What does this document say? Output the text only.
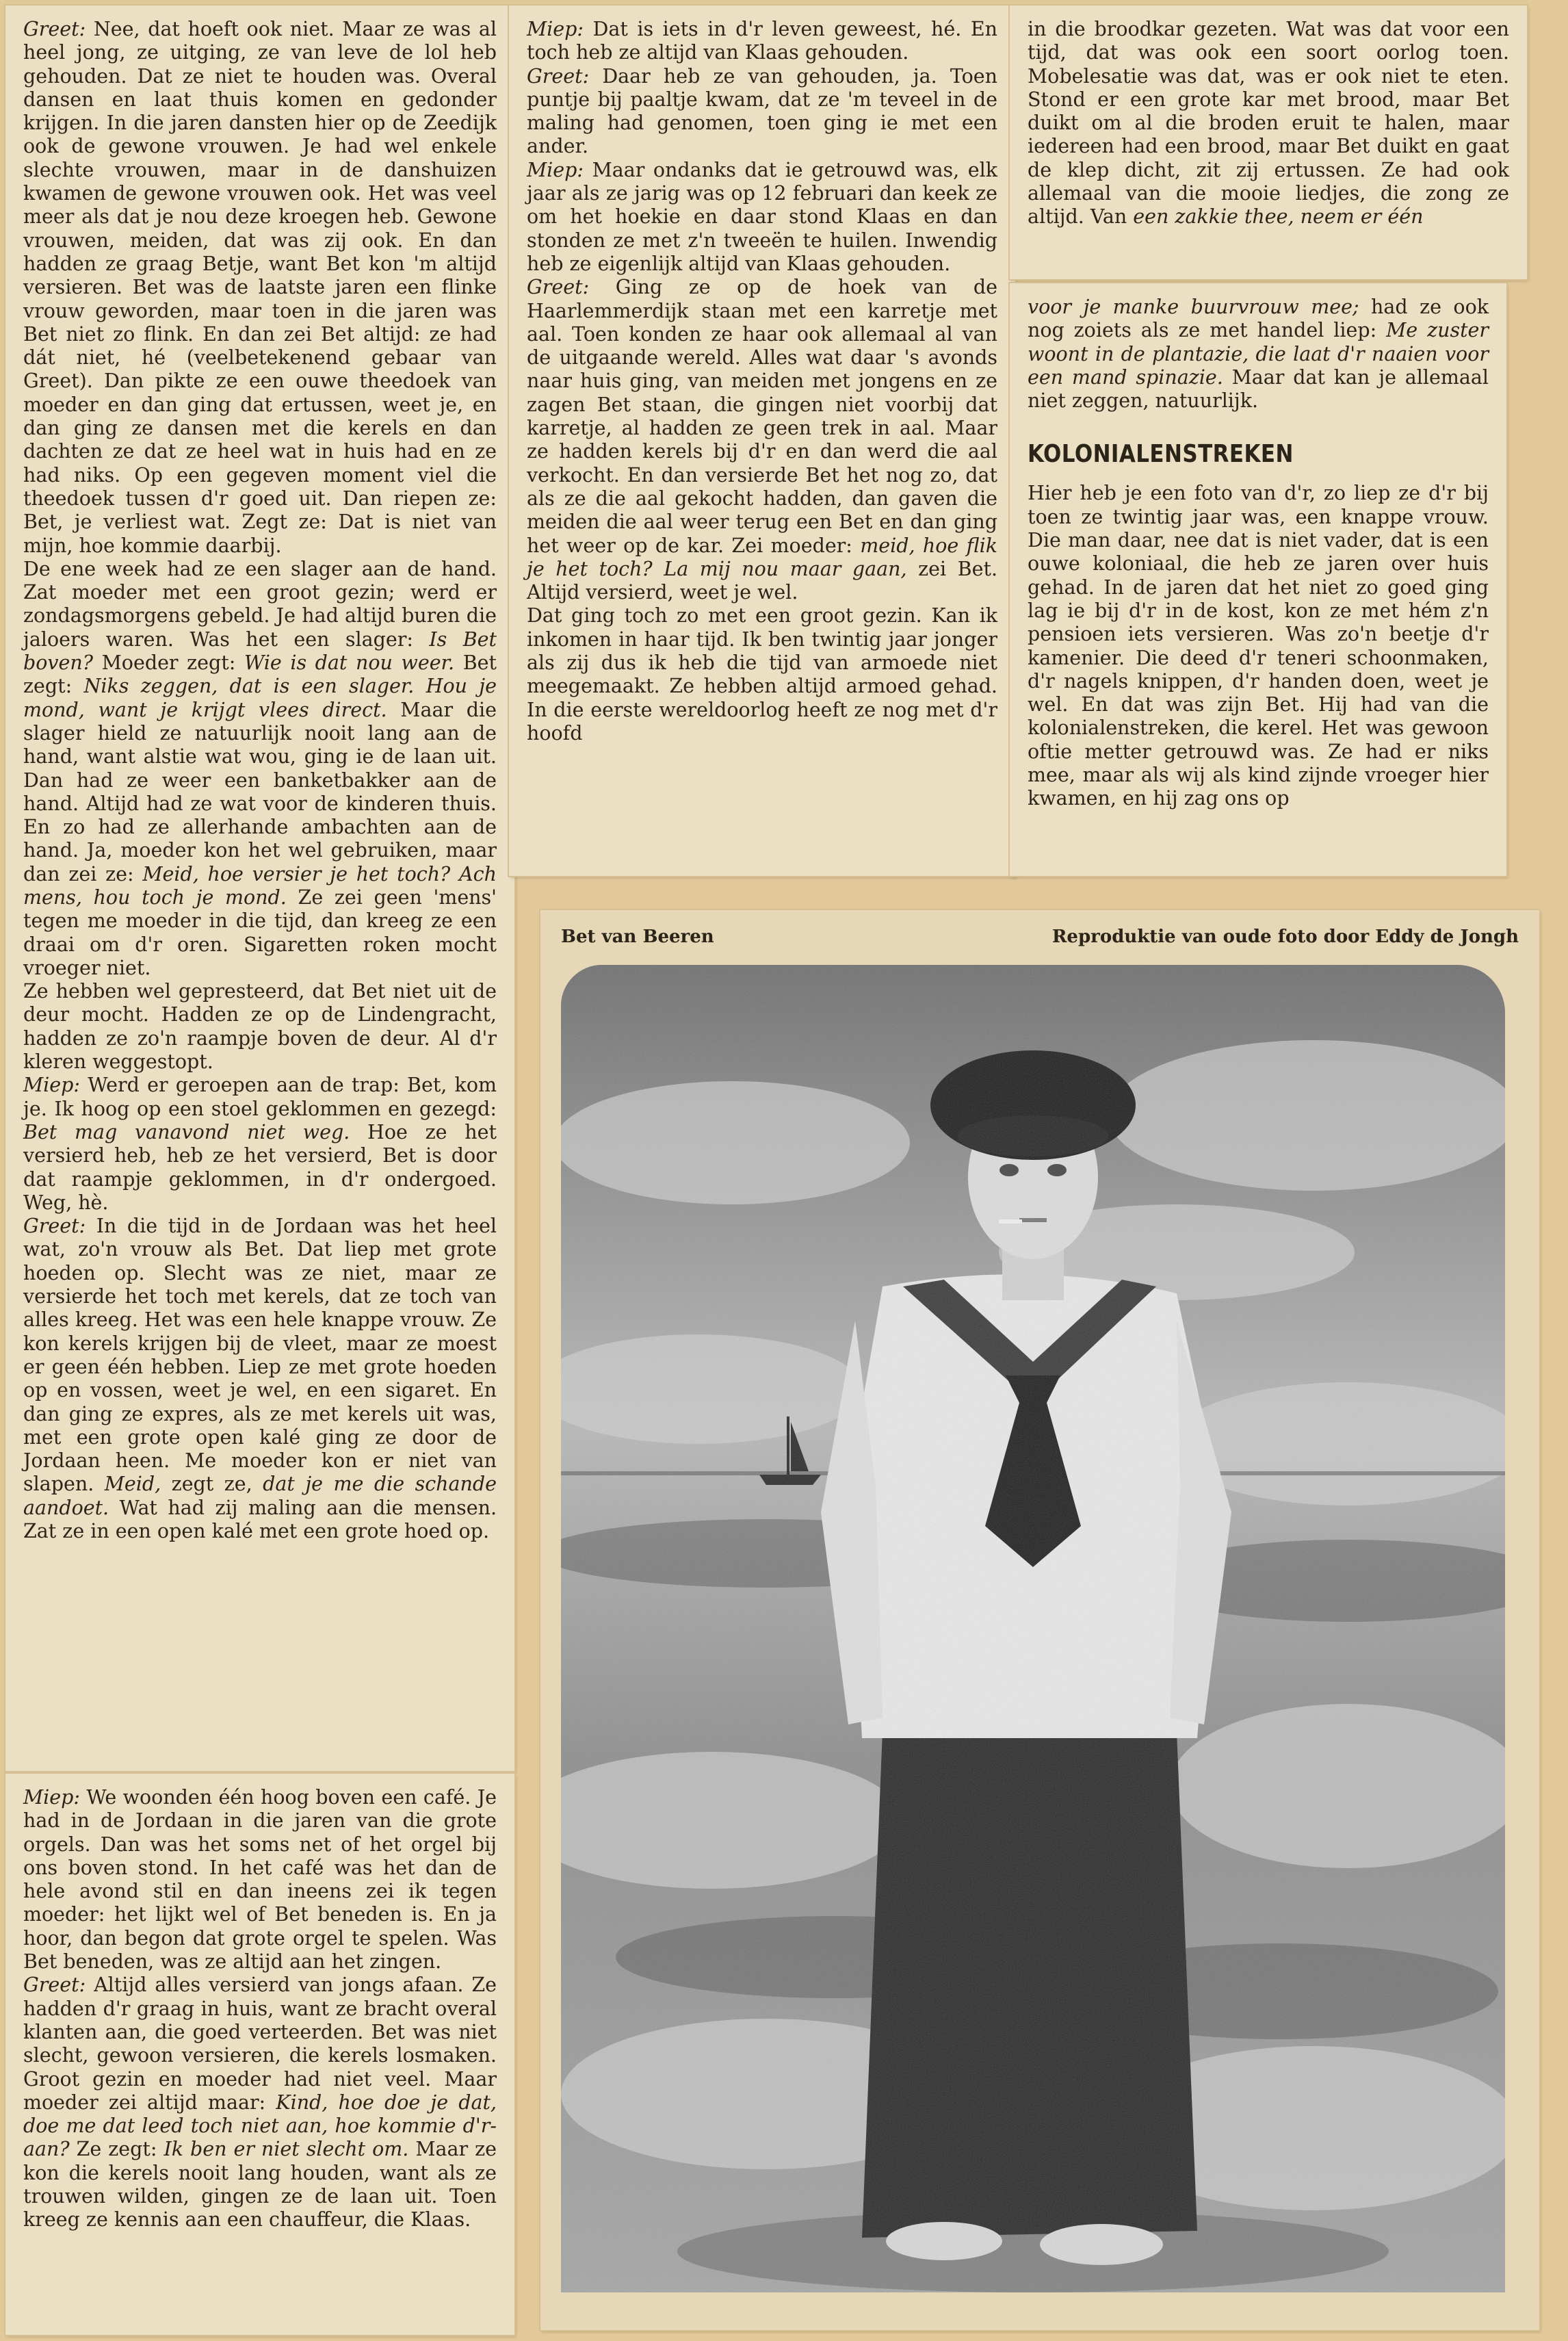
Greet: Nee, dat hoeft ook niet. Maar ze was al heel jong, ze uitging, ze van leve de lol heb gehouden. Dat ze niet te houden was. Overal dansen en laat thuis komen en gedonder krijgen. In die jaren dansten hier op de Zeedijk ook de gewone vrouwen. Je had wel enkele slechte vrouwen, maar in de danshuizen kwamen de gewone vrouwen ook. Het was veel meer als dat je nou deze kroegen heb. Gewone vrouwen, meiden, dat was zij ook. En dan hadden ze graag Betje, want Bet kon 'm altijd versieren. Bet was de laatste jaren een flinke vrouw geworden, maar toen in die jaren was Bet niet zo flink. En dan zei Bet altijd: ze had dát niet, hé (veelbetekenend gebaar van Greet). Dan pikte ze een ouwe theedoek van moeder en dan ging dat ertussen, weet je, en dan ging ze dansen met die kerels en dan dachten ze dat ze heel wat in huis had en ze had niks. Op een gegeven moment viel die theedoek tussen d'r goed uit. Dan riepen ze: Bet, je verliest wat. Zegt ze: Dat is niet van mijn, hoe kommie daarbij.
De ene week had ze een slager aan de hand. Zat moeder met een groot gezin; werd er zondagsmorgens gebeld. Je had altijd buren die jaloers waren. Was het een slager: Is Bet boven? Moeder zegt: Wie is dat nou weer. Bet zegt: Niks zeggen, dat is een slager. Hou je mond, want je krijgt vlees direct. Maar die slager hield ze natuurlijk nooit lang aan de hand, want alstie wat wou, ging ie de laan uit. Dan had ze weer een banketbakker aan de hand. Altijd had ze wat voor de kinderen thuis. En zo had ze allerhande ambachten aan de hand. Ja, moeder kon het wel gebruiken, maar dan zei ze: Meid, hoe versier je het toch? Ach mens, hou toch je mond. Ze zei geen 'mens' tegen me moeder in die tijd, dan kreeg ze een draai om d'r oren. Sigaretten roken mocht vroeger niet.
Ze hebben wel gepresteerd, dat Bet niet uit de deur mocht. Hadden ze op de Lindengracht, hadden ze zo'n raampje boven de deur. Al d'r kleren weggestopt.
Miep: Werd er geroepen aan de trap: Bet, kom je. Ik hoog op een stoel geklommen en gezegd: Bet mag vanavond niet weg. Hoe ze het versierd heb, heb ze het versierd, Bet is door dat raampje geklommen, in d'r ondergoed. Weg, hè.
Greet: In die tijd in de Jordaan was het heel wat, zo'n vrouw als Bet. Dat liep met grote hoeden op. Slecht was ze niet, maar ze versierde het toch met kerels, dat ze toch van alles kreeg. Het was een hele knappe vrouw. Ze kon kerels krijgen bij de vleet, maar ze moest er geen één hebben. Liep ze met grote hoeden op en vossen, weet je wel, en een sigaret. En dan ging ze expres, als ze met kerels uit was, met een grote open kalé ging ze door de Jordaan heen. Me moeder kon er niet van slapen. Meid, zegt ze, dat je me die schande aandoet. Wat had zij maling aan die mensen. Zat ze in een open kalé met een grote hoed op.

Miep: We woonden één hoog boven een café. Je had in de Jordaan in die jaren van die grote orgels. Dan was het soms net of het orgel bij ons boven stond. In het café was het dan de hele avond stil en dan ineens zei ik tegen moeder: het lijkt wel of Bet beneden is. En ja hoor, dan begon dat grote orgel te spelen. Was Bet beneden, was ze altijd aan het zingen.
Greet: Altijd alles versierd van jongs afaan. Ze hadden d'r graag in huis, want ze bracht overal klanten aan, die goed verteerden. Bet was niet slecht, gewoon versieren, die kerels losmaken. Groot gezin en moeder had niet veel. Maar moeder zei altijd maar: Kind, hoe doe je dat, doe me dat leed toch niet aan, hoe kommie d'r-aan? Ze zegt: Ik ben er niet slecht om. Maar ze kon die kerels nooit lang houden, want als ze trouwen wilden, gingen ze de laan uit. Toen kreeg ze kennis aan een chauffeur, die Klaas.

Miep: Dat is iets in d'r leven geweest, hé. En toch heb ze altijd van Klaas gehouden.
Greet: Daar heb ze van gehouden, ja. Toen puntje bij paaltje kwam, dat ze 'm teveel in de maling had genomen, toen ging ie met een ander.
Miep: Maar ondanks dat ie getrouwd was, elk jaar als ze jarig was op 12 februari dan keek ze om het hoekie en daar stond Klaas en dan stonden ze met z'n tweeën te huilen. Inwendig heb ze eigenlijk altijd van Klaas gehouden.
Greet: Ging ze op de hoek van de Haarlemmerdijk staan met een karretje met aal. Toen konden ze haar ook allemaal al van de uitgaande wereld. Alles wat daar 's avonds naar huis ging, van meiden met jongens en ze zagen Bet staan, die gingen niet voorbij dat karretje, al hadden ze geen trek in aal. Maar ze hadden kerels bij d'r en dan werd die aal verkocht. En dan versierde Bet het nog zo, dat als ze die aal gekocht hadden, dan gaven die meiden die aal weer terug een Bet en dan ging het weer op de kar. Zei moeder: meid, hoe flik je het toch? La mij nou maar gaan, zei Bet. Altijd versierd, weet je wel.
Dat ging toch zo met een groot gezin. Kan ik inkomen in haar tijd. Ik ben twintig jaar jonger als zij dus ik heb die tijd van armoede niet meegemaakt. Ze hebben altijd armoed gehad. In die eerste wereldoorlog heeft ze nog met d'r hoofd

in die broodkar gezeten. Wat was dat voor een tijd, dat was ook een soort oorlog toen. Mobelesatie was dat, was er ook niet te eten. Stond er een grote kar met brood, maar Bet duikt om al die broden eruit te halen, maar iedereen had een brood, maar Bet duikt en gaat de klep dicht, zit zij ertussen. Ze had ook allemaal van die mooie liedjes, die zong ze altijd. Van een zakkie thee, neem er één

voor je manke buurvrouw mee; had ze ook nog zoiets als ze met handel liep: Me zuster woont in de plantazie, die laat d'r naaien voor een mand spinazie. Maar dat kan je allemaal niet zeggen, natuurlijk.

KOLONIALENSTREKEN

Hier heb je een foto van d'r, zo liep ze d'r bij toen ze twintig jaar was, een knappe vrouw. Die man daar, nee dat is niet vader, dat is een ouwe koloniaal, die heb ze jaren over huis gehad. In de jaren dat het niet zo goed ging lag ie bij d'r in de kost, kon ze met hém z'n pensioen iets versieren. Was zo'n beetje d'r kamenier. Die deed d'r teneri schoonmaken, d'r nagels knippen, d'r handen doen, weet je wel. En dat was zijn Bet. Hij had van die kolonialenstreken, die kerel. Het was gewoon oftie metter getrouwd was. Ze had er niks mee, maar als wij als kind zijnde vroeger hier kwamen, en hij zag ons op

Bet van Beeren	Reproduktie van oude foto door Eddy de Jongh
